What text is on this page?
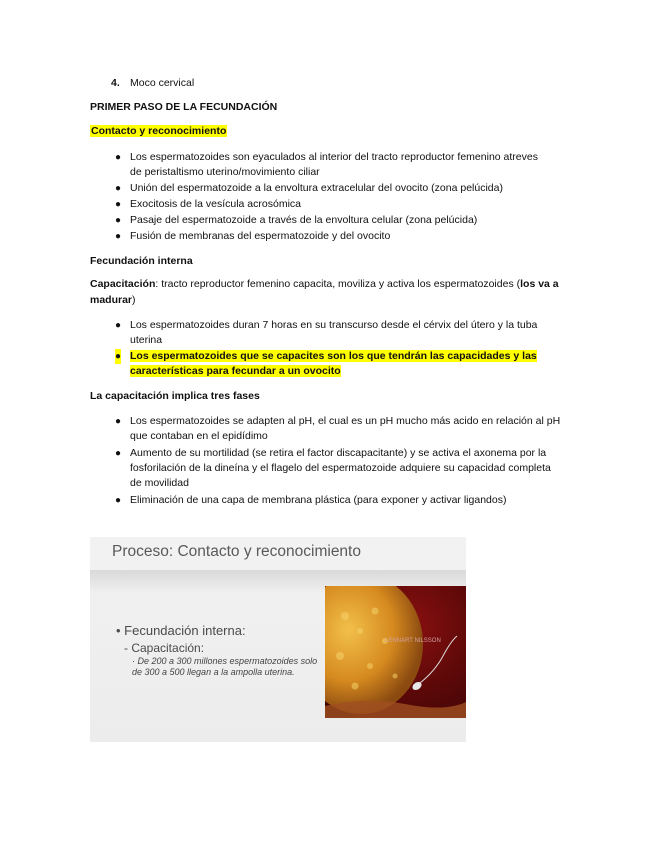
4. Moco cervical
PRIMER PASO DE LA FECUNDACIÓN
Contacto y reconocimiento
● Los espermatozoides son eyaculados al interior del tracto reproductor femenino atreves de peristaltismo uterino/movimiento ciliar
● Unión del espermatozoide a la envoltura extracelular del ovocito (zona pelúcida)
● Exocitosis de la vesícula acrosómica
● Pasaje del espermatozoide a través de la envoltura celular (zona pelúcida)
● Fusión de membranas del espermatozoide y del ovocito
Fecundación interna
Capacitación: tracto reproductor femenino capacita, moviliza y activa los espermatozoides (los va a madurar)
● Los espermatozoides duran 7 horas en su transcurso desde el cérvix del útero y la tuba uterina
● Los espermatozoides que se capacites son los que tendrán las capacidades y las características para fecundar a un ovocito
La capacitación implica tres fases
● Los espermatozoides se adapten al pH, el cual es un pH mucho más acido en relación al pH que contaban en el epidídimo
● Aumento de su mortilidad (se retira el factor discapacitante) y se activa el axonema por la fosforilación de la dineína y el flagelo del espermatozoide adquiere su capacidad completa de movilidad
● Eliminación de una capa de membrana plástica (para exponer y activar ligandos)
Proceso: Contacto y reconocimiento
• Fecundación interna:
- Capacitación:
· De 200 a 300 millones espermatozoides solo de 300 a 500 llegan a la ampolla uterina.
LENNART NILSSON
